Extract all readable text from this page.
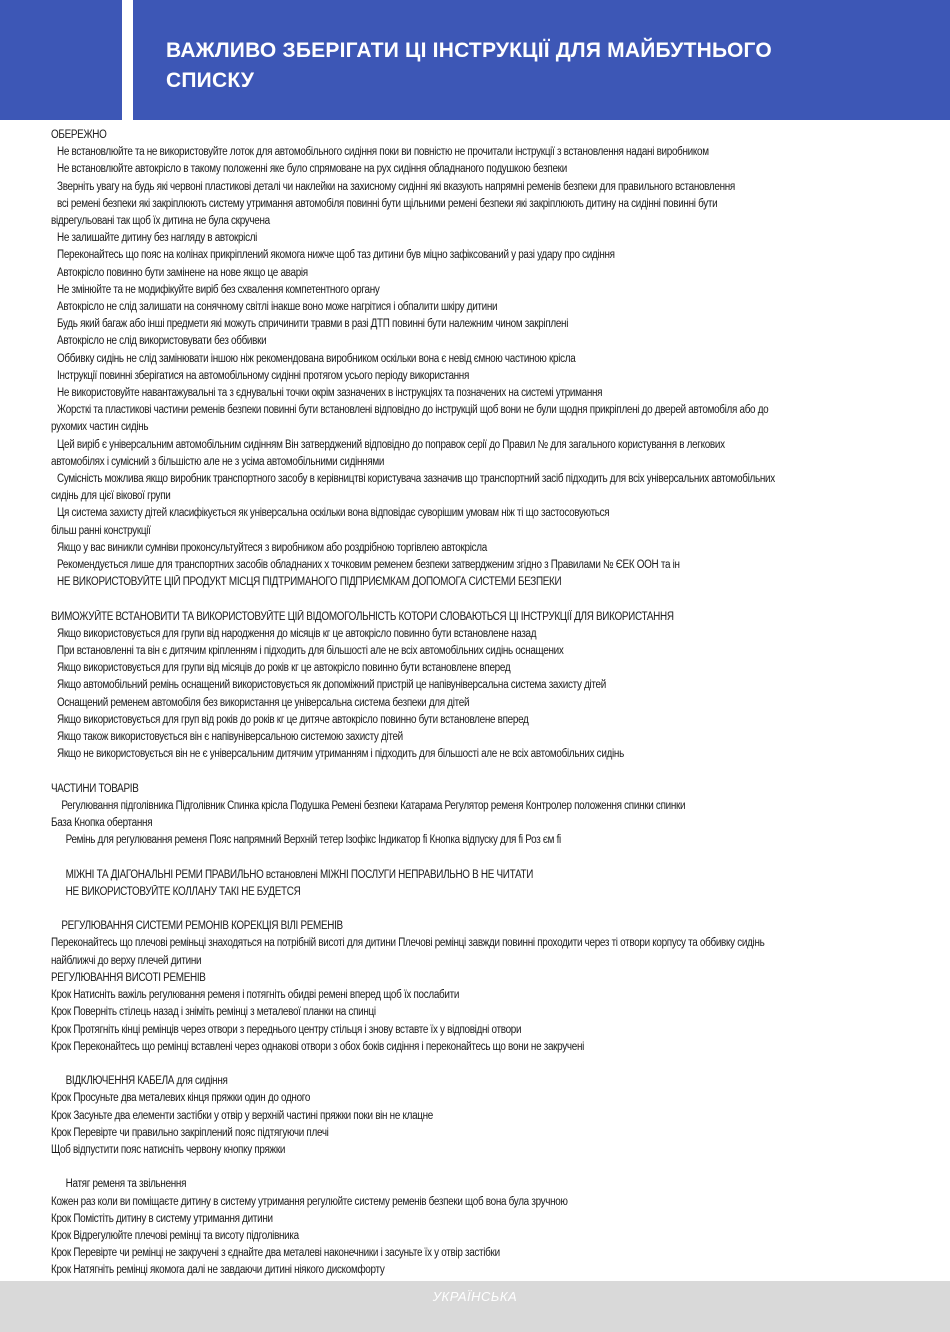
ВАЖЛИВО ЗБЕРІГАТИ ЦІ ІНСТРУКЦІЇ ДЛЯ МАЙБУТНЬОГО
СПИСКУ
ОБЕРЕЖНО
Не встановлюйте та не використовуйте лоток для автомобільного сидіння поки ви повністю не прочитали інструкції з встановлення надані виробником
Не встановлюйте автокрісло в такому положенні яке було спрямоване на рух сидіння обладнаного подушкою безпеки
Зверніть увагу на будь які червоні пластикові деталі чи наклейки на захисному сидінні які вказують напрямні ременів безпеки для правильного встановлення
всі ремені безпеки які закріплюють систему утримання автомобіля повинні бути щільними ремені безпеки які закріплюють дитину на сидінні повинні бути
відрегульовані так щоб їх дитина не була скручена
Не залишайте дитину без нагляду в автокріслі
Переконайтесь що пояс на колінах прикріплений якомога нижче щоб таз дитини був міцно зафіксований у разі удару про сидіння
Автокрісло повинно бути замінене на нове якщо це аварія
Не змінюйте та не модифікуйте виріб без схвалення компетентного органу
Автокрісло не слід залишати на сонячному світлі інакше воно може нагрітися і обпалити шкіру дитини
Будь який багаж або інші предмети які можуть спричинити травми в разі ДТП повинні бути належним чином закріплені
Автокрісло не слід використовувати без оббивки
Оббивку сидінь не слід замінювати іншою ніж рекомендована виробником оскільки вона є невід ємною частиною крісла
Інструкції повинні зберігатися на автомобільному сидінні протягом усього періоду використання
Не використовуйте навантажувальні та з єднувальні точки окрім зазначених в інструкціях та позначених на системі утримання
Жорсткі та пластикові частини ременів безпеки повинні бути встановлені відповідно до інструкцій щоб вони не були щодня прикріплені до дверей автомобіля або до
рухомих частин сидінь
Цей виріб є універсальним автомобільним сидінням Він затверджений відповідно до поправок серії до Правил № для загального користування в легкових
автомобілях і сумісний з більшістю але не з усіма автомобільними сидіннями
Сумісність можлива якщо виробник транспортного засобу в керівництві користувача зазначив що транспортний засіб підходить для всіх універсальних автомобільних
сидінь для цієї вікової групи
Ця система захисту дітей класифікується як універсальна оскільки вона відповідає суворішим умовам ніж ті що застосовуються
більш ранні конструкції
Якщо у вас виникли сумніви проконсультуйтеся з виробником або роздрібною торгівлею автокрісла
Рекомендується лише для транспортних засобів обладнаних х точковим ременем безпеки затвердженим згідно з Правилами № ЄЕК ООН та ін
НЕ ВИКОРИСТОВУЙТЕ ЦІЙ ПРОДУКТ МІСЦЯ ПІДТРИМАНОГО ПІДПРИЄМКАМ ДОПОМОГА СИСТЕМИ БЕЗПЕКИ
ВИМОЖУЙТЕ ВСТАНОВИТИ ТА ВИКОРИСТОВУЙТЕ ЦІЙ ВІДОМОГОЛЬНІСТЬ КОТОРИ СЛОВАЮТЬСЯ ЦІ ІНСТРУКЦІЇ ДЛЯ ВИКОРИСТАННЯ
Якщо використовується для групи від народження до місяців кг це автокрісло повинно бути встановлене назад
При встановленні та він є дитячим кріпленням і підходить для більшості але не всіх автомобільних сидінь оснащених
Якщо використовується для групи від місяців до років кг це автокрісло повинно бути встановлене вперед
Якщо автомобільний ремінь оснащений використовується як допоміжний пристрій це напівуніверсальна система захисту дітей
Оснащений ременем автомобіля без використання це універсальна система безпеки для дітей
Якщо використовується для груп від років до років кг це дитяче автокрісло повинно бути встановлене вперед
Якщо також використовується він є напівуніверсальною системою захисту дітей
Якщо не використовується він не є універсальним дитячим утриманням і підходить для більшості але не всіх автомобільних сидінь
ЧАСТИНИ ТОВАРІВ
Регулювання підголівника Підголівник Спинка крісла Подушка Ремені безпеки Катарама Регулятор ременя Контролер положення спинки спинки
База Кнопка обертання
Ремінь для регулювання ременя Пояс напрямний Верхній тетер Ізофікс Індикатор fi Кнопка відпуску для fi Роз єм fi
МІЖНІ ТА ДІАГОНАЛЬНІ РЕМИ ПРАВИЛЬНО встановлені МІЖНІ ПОСЛУГИ НЕПРАВИЛЬНО В НЕ ЧИТАТИ
НЕ ВИКОРИСТОВУЙТЕ КОЛЛАНУ ТАКІ НЕ БУДЕТСЯ
РЕГУЛЮВАННЯ СИСТЕМИ РЕМОНІВ КОРЕКЦІЯ ВІЛІ РЕМЕНІВ
Переконайтесь що плечові реміньці знаходяться на потрібній висоті для дитини Плечові ремінці завжди повинні проходити через ті отвори корпусу та оббивку сидінь
найближчі до верху плечей дитини
РЕГУЛЮВАННЯ ВИСОТІ РЕМЕНІВ
Крок Натисніть важіль регулювання ременя і потягніть обидві ремені вперед щоб їх послабити
Крок Поверніть стілець назад і зніміть ремінці з металевої планки на спинці
Крок Протягніть кінці ремінців через отвори з переднього центру стільця і знову вставте їх у відповідні отвори
Крок Переконайтесь що ремінці вставлені через однакові отвори з обох боків сидіння і переконайтесь що вони не закручені
ВІДКЛЮЧЕННЯ КАБЕЛА для сидіння
Крок Просуньте два металевих кінця пряжки один до одного
Крок Засуньте два елементи застібки у отвір у верхній частині пряжки поки він не клацне
Крок Перевірте чи правильно закріплений пояс підтягуючи плечі
Щоб відпустити пояс натисніть червону кнопку пряжки
Натяг ременя та звільнення
Кожен раз коли ви поміщаєте дитину в систему утримання регулюйте систему ременів безпеки щоб вона була зручною
Крок Помістіть дитину в систему утримання дитини
Крок Відрегулюйте плечові ремінці та висоту підголівника
Крок Перевірте чи ремінці не закручені з єднайте два металеві наконечники і засуньте їх у отвір застібки
Крок Натягніть ремінці якомога далі не завдаючи дитині ніякого дискомфорту
УКРАЇНСЬКА
